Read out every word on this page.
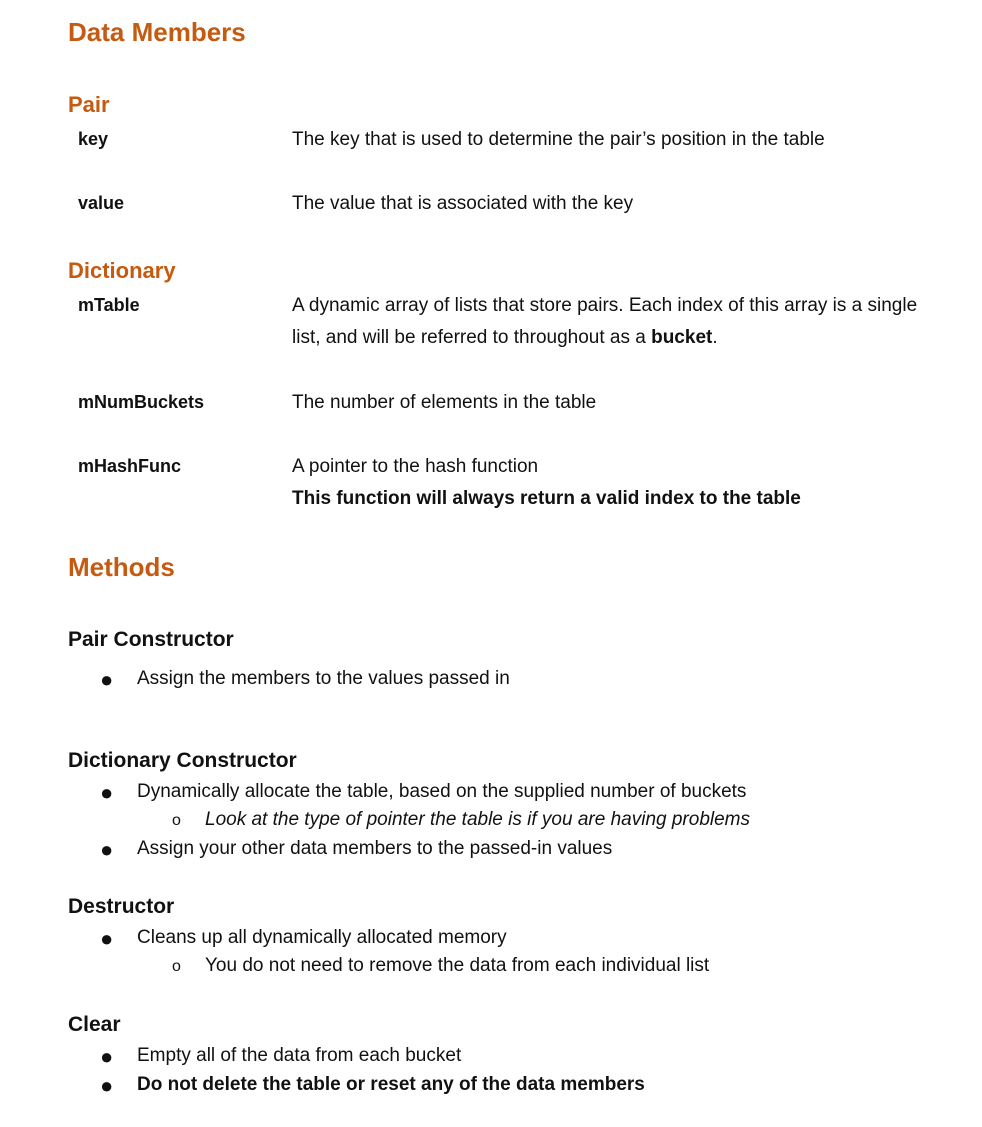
Data Members
Pair
key	The key that is used to determine the pair’s position in the table
value	The value that is associated with the key
Dictionary
mTable	A dynamic array of lists that store pairs. Each index of this array is a single list, and will be referred to throughout as a bucket.
mNumBuckets	The number of elements in the table
mHashFunc	A pointer to the hash function
This function will always return a valid index to the table
Methods
Pair Constructor
● Assign the members to the values passed in
Dictionary Constructor
● Dynamically allocate the table, based on the supplied number of buckets
o Look at the type of pointer the table is if you are having problems
● Assign your other data members to the passed-in values
Destructor
● Cleans up all dynamically allocated memory
o You do not need to remove the data from each individual list
Clear
● Empty all of the data from each bucket
● Do not delete the table or reset any of the data members
